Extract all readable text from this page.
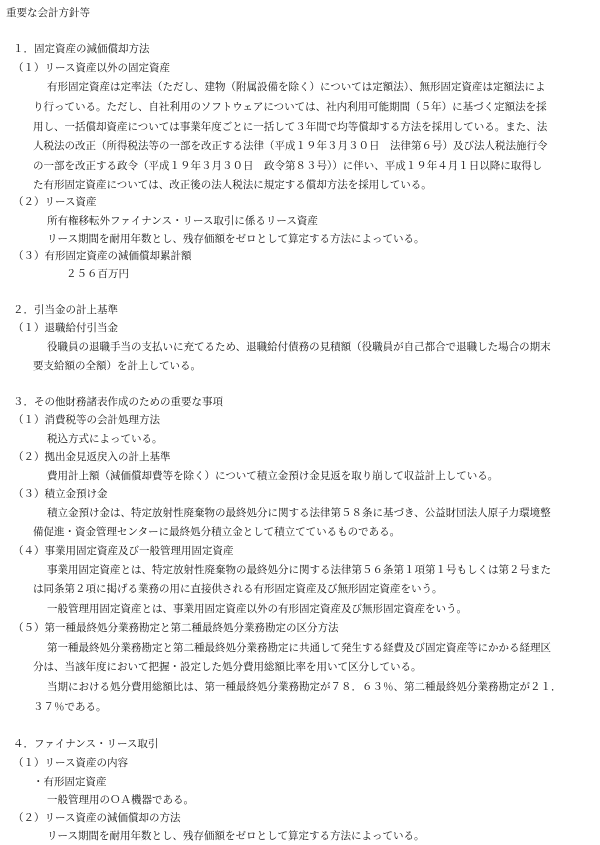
重要な会計方針等
１．固定資産の減価償却方法
（１）リース資産以外の固定資産
有形固定資産は定率法（ただし、建物（附属設備を除く）については定額法）、無形固定資産は定額法によ
り行っている。ただし、自社利用のソフトウェアについては、社内利用可能期間（５年）に基づく定額法を採
用し、一括償却資産については事業年度ごとに一括して３年間で均等償却する方法を採用している。また、法
人税法の改正（所得税法等の一部を改正する法律（平成１９年３月３０日　法律第６号）及び法人税法施行令
の一部を改正する政令（平成１９年３月３０日　政令第８３号））に伴い、平成１９年４月１日以降に取得し
た有形固定資産については、改正後の法人税法に規定する償却方法を採用している。
（２）リース資産
所有権移転外ファイナンス・リース取引に係るリース資産
リース期間を耐用年数とし、残存価額をゼロとして算定する方法によっている。
（３）有形固定資産の減価償却累計額
２５６百万円
２．引当金の計上基準
（１）退職給付引当金
役職員の退職手当の支払いに充てるため、退職給付債務の見積額（役職員が自己都合で退職した場合の期末
要支給額の全額）を計上している。
３．その他財務諸表作成のための重要な事項
（１）消費税等の会計処理方法
税込方式によっている。
（２）拠出金見返戻入の計上基準
費用計上額（減価償却費等を除く）について積立金預け金見返を取り崩して収益計上している。
（３）積立金預け金
積立金預け金は、特定放射性廃棄物の最終処分に関する法律第５８条に基づき、公益財団法人原子力環境整
備促進・資金管理センターに最終処分積立金として積立てているものである。
（４）事業用固定資産及び一般管理用固定資産
事業用固定資産とは、特定放射性廃棄物の最終処分に関する法律第５６条第１項第１号もしくは第２号また
は同条第２項に掲げる業務の用に直接供される有形固定資産及び無形固定資産をいう。
一般管理用固定資産とは、事業用固定資産以外の有形固定資産及び無形固定資産をいう。
（５）第一種最終処分業務勘定と第二種最終処分業務勘定の区分方法
第一種最終処分業務勘定と第二種最終処分業務勘定に共通して発生する経費及び固定資産等にかかる経理区
分は、当該年度において把握・設定した処分費用総額比率を用いて区分している。
当期における処分費用総額比は、第一種最終処分業務勘定が７８．６３％、第二種最終処分業務勘定が２１．
３７％である。
４．ファイナンス・リース取引
（１）リース資産の内容
・有形固定資産
一般管理用のＯＡ機器である。
（２）リース資産の減価償却の方法
リース期間を耐用年数とし、残存価額をゼロとして算定する方法によっている。
